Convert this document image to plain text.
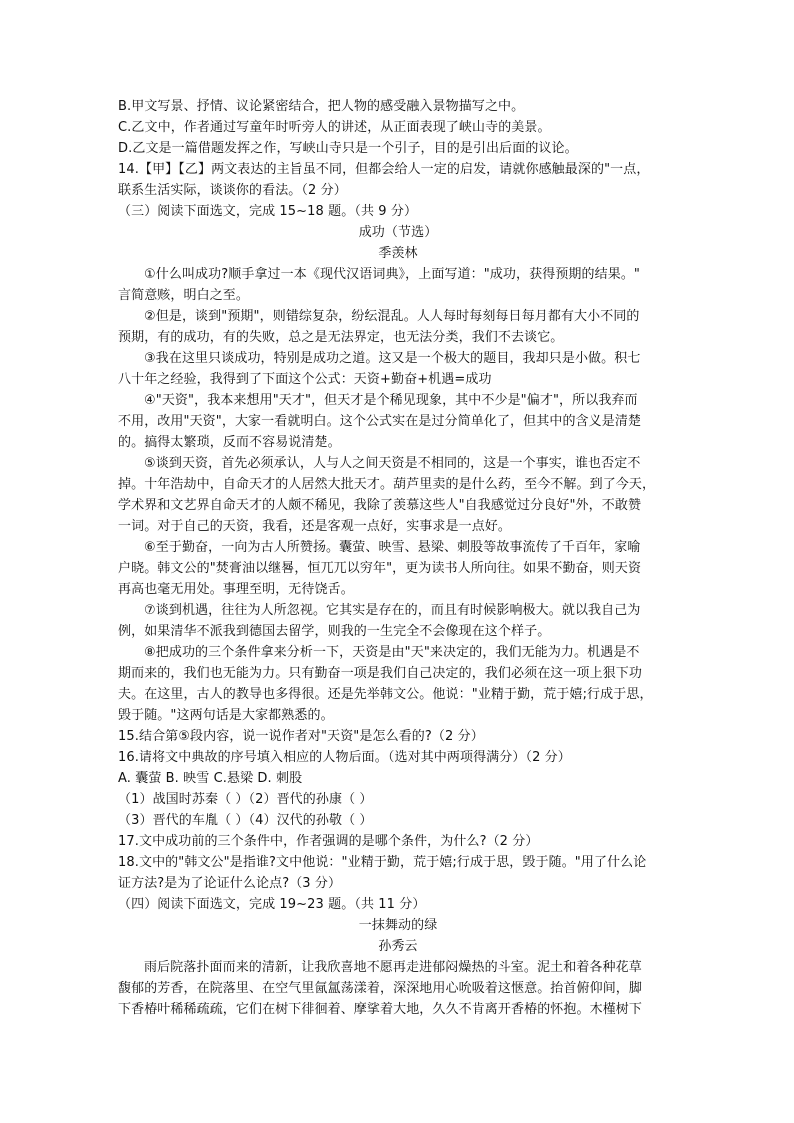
B.甲文写景、抒情、议论紧密结合，把人物的感受融入景物描写之中。
C.乙文中，作者通过写童年时听旁人的讲述，从正面表现了峡山寺的美景。
D.乙文是一篇借题发挥之作，写峡山寺只是一个引子，目的是引出后面的议论。
14.【甲】【乙】两文表达的主旨虽不同，但都会给人一定的启发，请就你感触最深的"一点，
联系生活实际，谈谈你的看法。（2 分）
（三）阅读下面选文，完成 15~18 题。（共 9 分）
成功（节选）
季羡林
①什么叫成功?顺手拿过一本《现代汉语词典》，上面写道："成功，获得预期的结果。"
言简意赅，明白之至。
②但是，谈到"预期"，则错综复杂，纷纭混乱。人人每时每刻每日每月都有大小不同的
预期，有的成功，有的失败，总之是无法界定，也无法分类，我们不去谈它。
③我在这里只谈成功，特别是成功之道。这又是一个极大的题目，我却只是小做。积七
八十年之经验，我得到了下面这个公式：天资+勤奋+机遇=成功
④"天资"，我本来想用"天才"，但天才是个稀见现象，其中不少是"偏才"，所以我弃而
不用，改用"天资"，大家一看就明白。这个公式实在是过分简单化了，但其中的含义是清楚
的。搞得太繁琐，反而不容易说清楚。
⑤谈到天资，首先必须承认，人与人之间天资是不相同的，这是一个事实，谁也否定不
掉。十年浩劫中，自命天才的人居然大批天才。葫芦里卖的是什么药，至今不解。到了今天，
学术界和文艺界自命天才的人颇不稀见，我除了羡慕这些人"自我感觉过分良好"外，不敢赞
一词。对于自己的天资，我看，还是客观一点好，实事求是一点好。
⑥至于勤奋，一向为古人所赞扬。囊萤、映雪、悬梁、刺股等故事流传了千百年，家喻
户晓。韩文公的"焚膏油以继晷，恒兀兀以穷年"，更为读书人所向往。如果不勤奋，则天资
再高也毫无用处。事理至明，无待饶舌。
⑦谈到机遇，往往为人所忽视。它其实是存在的，而且有时候影响极大。就以我自己为
例，如果清华不派我到德国去留学，则我的一生完全不会像现在这个样子。
⑧把成功的三个条件拿来分析一下，天资是由"天"来决定的，我们无能为力。机遇是不
期而来的，我们也无能为力。只有勤奋一项是我们自己决定的，我们必须在这一项上狠下功
夫。在这里，古人的教导也多得很。还是先举韩文公。他说："业精于勤，荒于嬉;行成于思，
毁于随。"这两句话是大家都熟悉的。
15.结合第⑤段内容，说一说作者对"天资"是怎么看的?（2 分）
16.请将文中典故的序号填入相应的人物后面。（选对其中两项得满分）（2 分）
A. 囊萤 B. 映雪 C.悬梁 D. 刺股
（1）战国时苏秦（ ）（2）晋代的孙康（ ）
（3）晋代的车胤（ ）（4）汉代的孙敬（ ）
17.文中成功前的三个条件中，作者强调的是哪个条件，为什么?（2 分）
18.文中的"韩文公"是指谁?文中他说："业精于勤，荒于嬉;行成于思，毁于随。"用了什么论
证方法?是为了论证什么论点?（3 分）
（四）阅读下面选文，完成 19~23 题。（共 11 分）
一抹舞动的绿
孙秀云
雨后院落扑面而来的清新，让我欣喜地不愿再走进郁闷燥热的斗室。泥土和着各种花草
馥郁的芳香，在院落里、在空气里氤氲荡漾着，深深地用心吮吸着这惬意。抬首俯仰间，脚
下香椿叶稀稀疏疏，它们在树下徘徊着、摩挲着大地，久久不肯离开香椿的怀抱。木槿树下
